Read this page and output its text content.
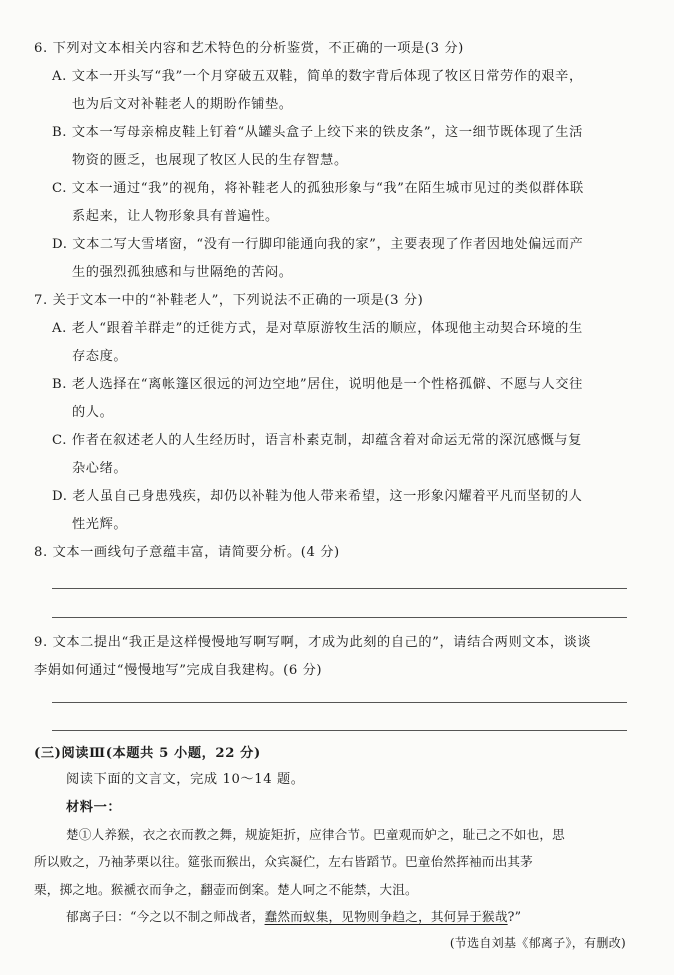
6. 下列对文本相关内容和艺术特色的分析鉴赏，不正确的一项是(3 分)
A. 文本一开头写“我”一个月穿破五双鞋，简单的数字背后体现了牧区日常劳作的艰辛，
也为后文对补鞋老人的期盼作铺垫。
B. 文本一写母亲棉皮鞋上钉着“从罐头盒子上绞下来的铁皮条”，这一细节既体现了生活
物资的匮乏，也展现了牧区人民的生存智慧。
C. 文本一通过“我”的视角，将补鞋老人的孤独形象与“我”在陌生城市见过的类似群体联
系起来，让人物形象具有普遍性。
D. 文本二写大雪堵窗，“没有一行脚印能通向我的家”，主要表现了作者因地处偏远而产
生的强烈孤独感和与世隔绝的苦闷。
7. 关于文本一中的“补鞋老人”，下列说法不正确的一项是(3 分)
A. 老人“跟着羊群走”的迁徙方式，是对草原游牧生活的顺应，体现他主动契合环境的生
存态度。
B. 老人选择在“离帐篷区很远的河边空地”居住，说明他是一个性格孤僻、不愿与人交往
的人。
C. 作者在叙述老人的人生经历时，语言朴素克制，却蕴含着对命运无常的深沉感慨与复
杂心绪。
D. 老人虽自己身患残疾，却仍以补鞋为他人带来希望，这一形象闪耀着平凡而坚韧的人
性光辉。
8. 文本一画线句子意蕴丰富，请简要分析。(4 分)
9. 文本二提出“我正是这样慢慢地写啊写啊，才成为此刻的自己的”，请结合两则文本，谈谈
李娟如何通过“慢慢地写”完成自我建构。(6 分)
(三)阅读Ⅲ(本题共 5 小题，22 分)
阅读下面的文言文，完成 10～14 题。
材料一：
楚①人养猴，衣之衣而教之舞，规旋矩折，应律合节。巴童观而妒之，耻己之不如也，思
所以败之，乃袖茅栗以往。筵张而猴出，众宾凝伫，左右皆蹈节。巴童佁然挥袖而出其茅
栗，掷之地。猴褫衣而争之，翻壶而倒案。楚人呵之不能禁，大沮。
郁离子曰：“今之以不制之师战者，蠢然而蚁集，见物则争趋之，其何异于猴哉?”
(节选自刘基《郁离子》，有删改)
